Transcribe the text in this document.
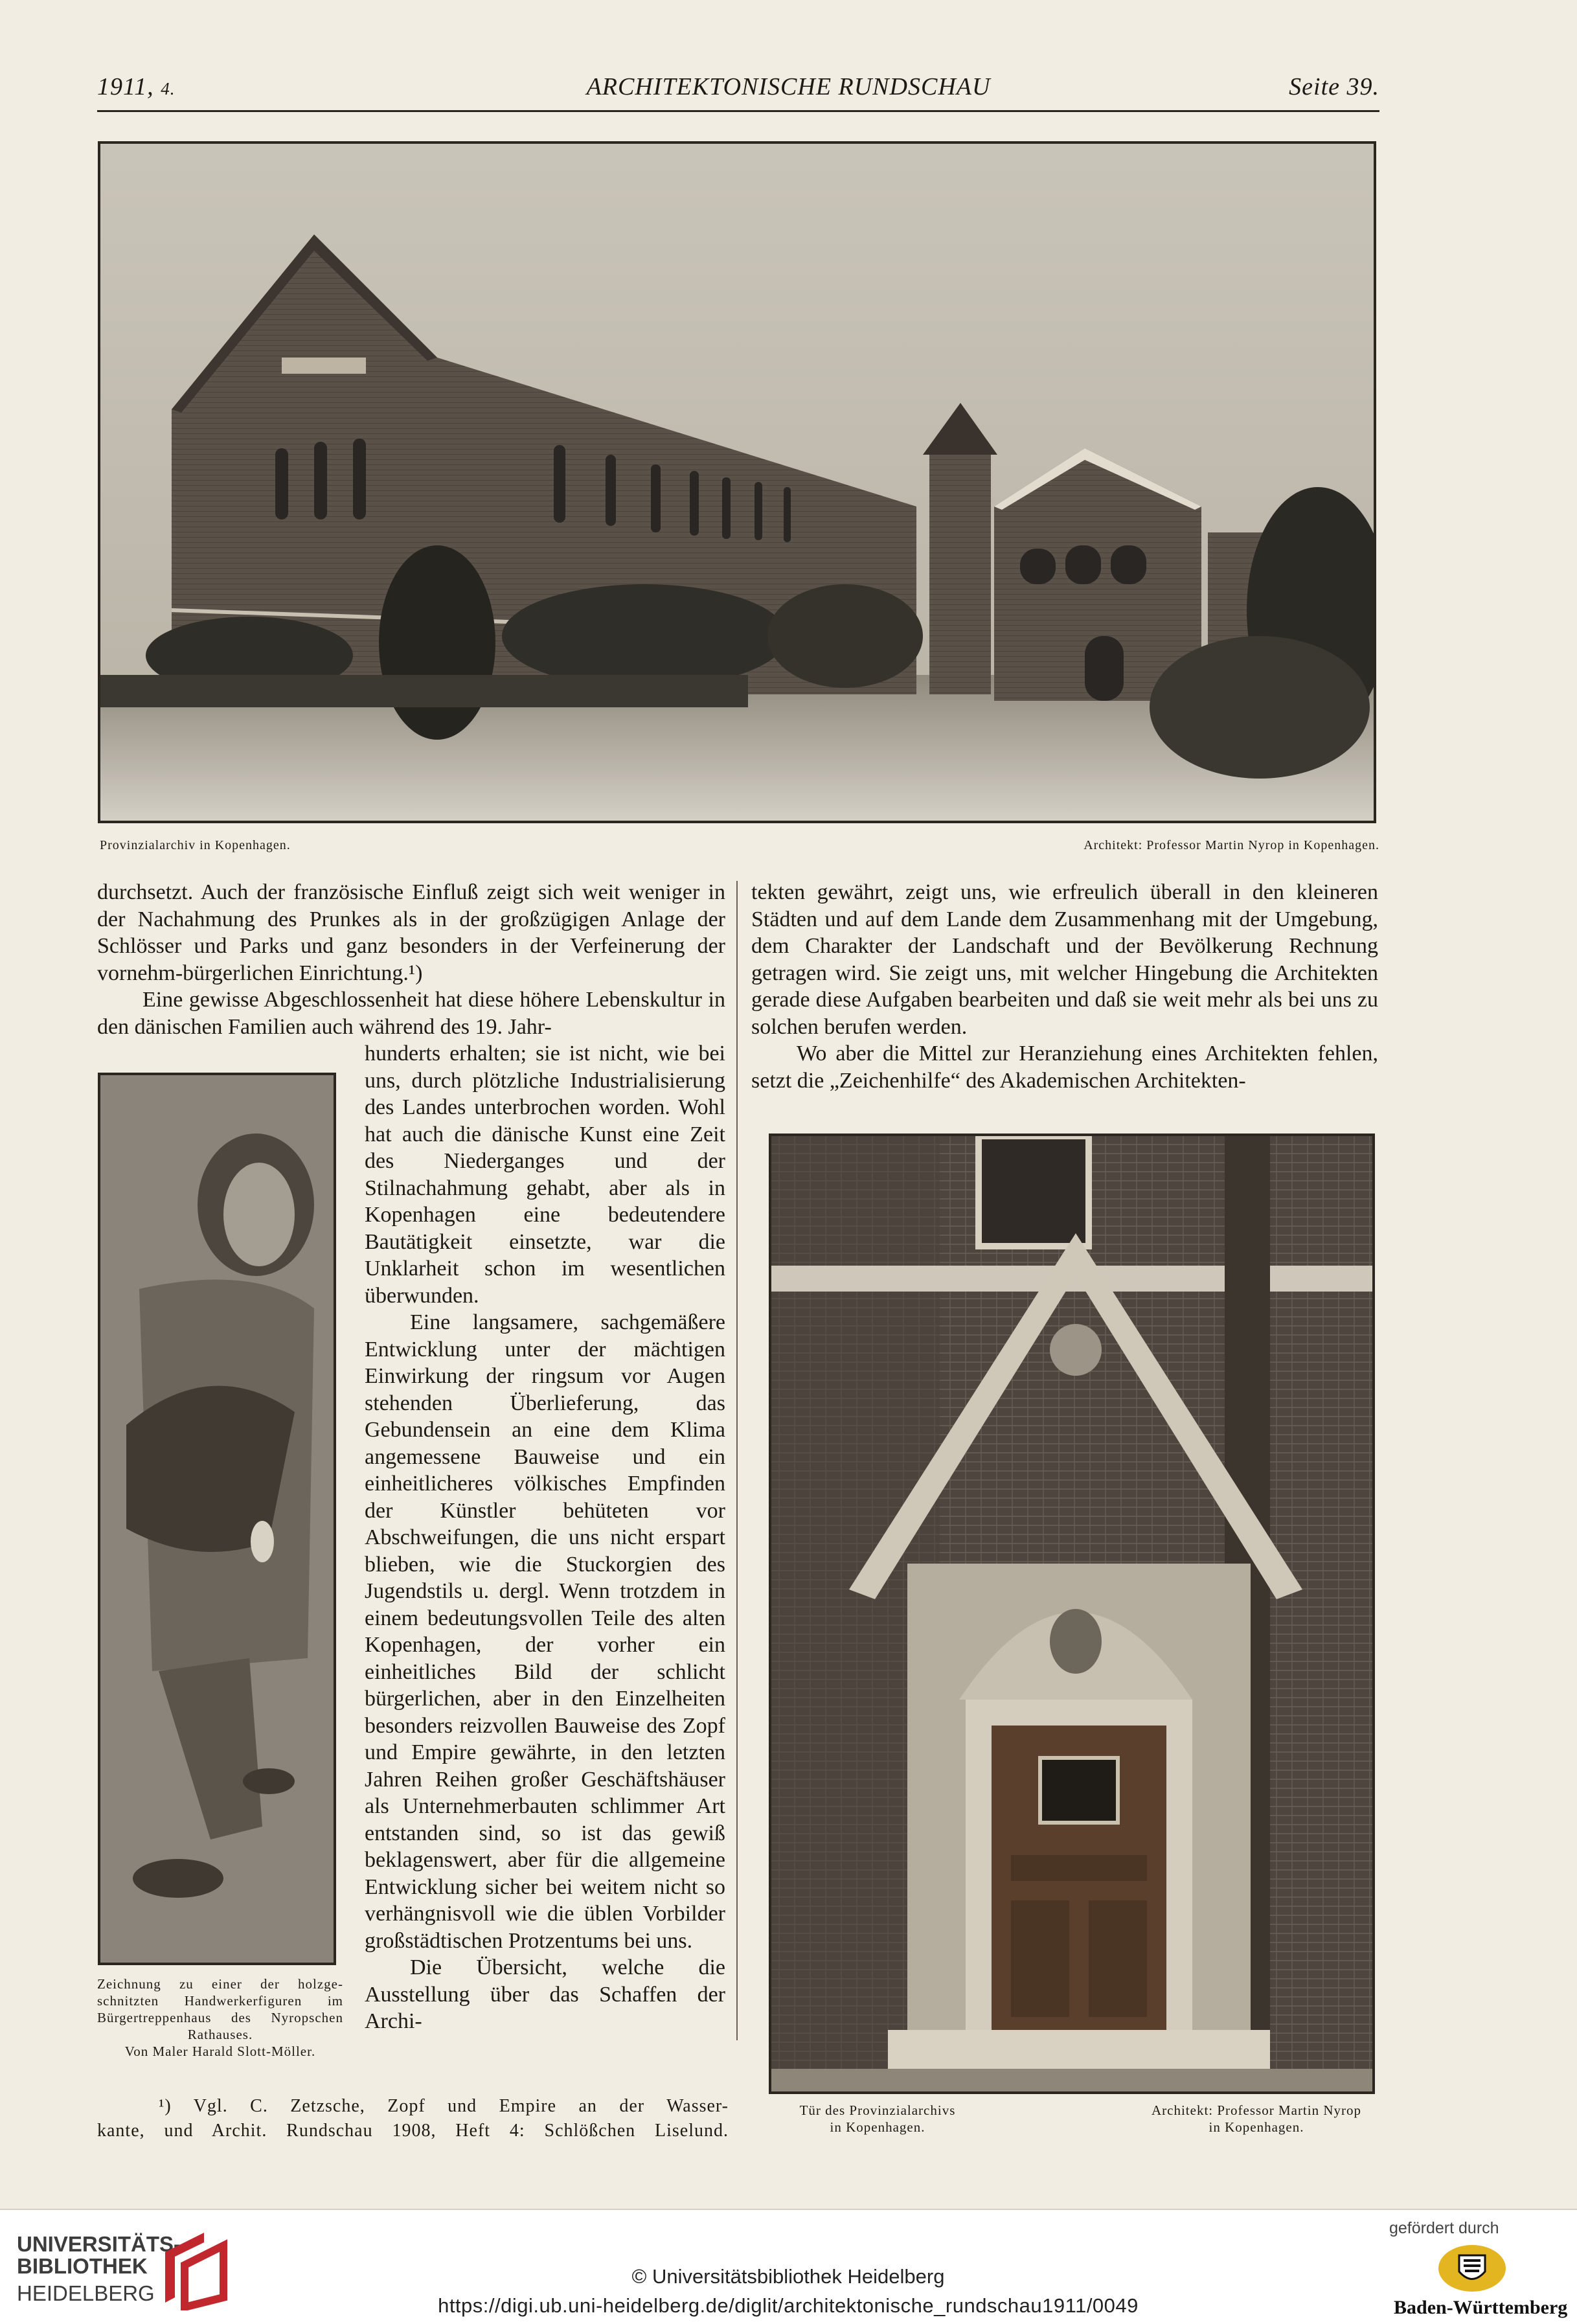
1911, 4.	ARCHITEKTONISCHE RUNDSCHAU	Seite 39.
Provinzialarchiv in Kopenhagen.	Architekt: Professor Martin Nyrop in Kopenhagen.

durchsetzt. Auch der französische Einfluß zeigt sich weit weniger in der Nachahmung des Prunkes als in der großzügigen Anlage der Schlösser und Parks und ganz besonders in der Verfeinerung der vornehm-bürgerlichen Einrichtung.¹)

Eine gewisse Abgeschlossenheit hat diese höhere Lebenskultur in den dänischen Familien auch während des 19. Jahr-

Zeichnung zu einer der holzge-
schnitzten Handwerkerfiguren im
Bürgertreppenhaus des Nyropschen
Rathauses.
Von Maler Harald Slott-Möller.

hunderts erhalten; sie ist nicht, wie bei uns, durch plötzliche Industrialisierung des Landes unterbrochen worden. Wohl hat auch die dänische Kunst eine Zeit des Niederganges und der Stilnachahmung gehabt, aber als in Kopenhagen eine bedeutendere Bautätigkeit einsetzte, war die Unklarheit schon im wesentlichen überwunden.

Eine langsamere, sachgemäßere Entwicklung unter der mächtigen Einwirkung der ringsum vor Augen stehenden Überlieferung, das Gebundensein an eine dem Klima angemessene Bauweise und ein einheitlicheres völkisches Empfinden der Künstler behüteten vor Abschweifungen, die uns nicht erspart blieben, wie die Stuckorgien des Jugendstils u. dergl. Wenn trotzdem in einem bedeutungsvollen Teile des alten Kopenhagen, der vorher ein einheitliches Bild der schlicht bürgerlichen, aber in den Einzelheiten besonders reizvollen Bauweise des Zopf und Empire gewährte, in den letzten Jahren Reihen großer Geschäftshäuser als Unternehmerbauten schlimmer Art entstanden sind, so ist das gewiß beklagenswert, aber für die allgemeine Entwicklung sicher bei weitem nicht so verhängnisvoll wie die üblen Vorbilder großstädtischen Protzentums bei uns.

Die Übersicht, welche die Ausstellung über das Schaffen der Archi-

tekten gewährt, zeigt uns, wie erfreulich überall in den kleineren Städten und auf dem Lande dem Zusammenhang mit der Umgebung, dem Charakter der Landschaft und der Bevölkerung Rechnung getragen wird. Sie zeigt uns, mit welcher Hingebung die Architekten gerade diese Aufgaben bearbeiten und daß sie weit mehr als bei uns zu solchen berufen werden.

Wo aber die Mittel zur Heranziehung eines Architekten fehlen, setzt die „Zeichenhilfe“ des Akademischen Architekten-

Tür des Provinzialarchivs
in Kopenhagen.
Architekt: Professor Martin Nyrop
in Kopenhagen.
¹) Vgl. C. Zetzsche, Zopf und Empire an der Wasser-
kante, und Archit. Rundschau 1908, Heft 4: Schlößchen Liselund.
UNIVERSITÄTS-
BIBLIOTHEK
HEIDELBERG
© Universitätsbibliothek Heidelberg
https://digi.ub.uni-heidelberg.de/diglit/architektonische_rundschau1911/0049
gefördert durch
Baden-Württemberg
